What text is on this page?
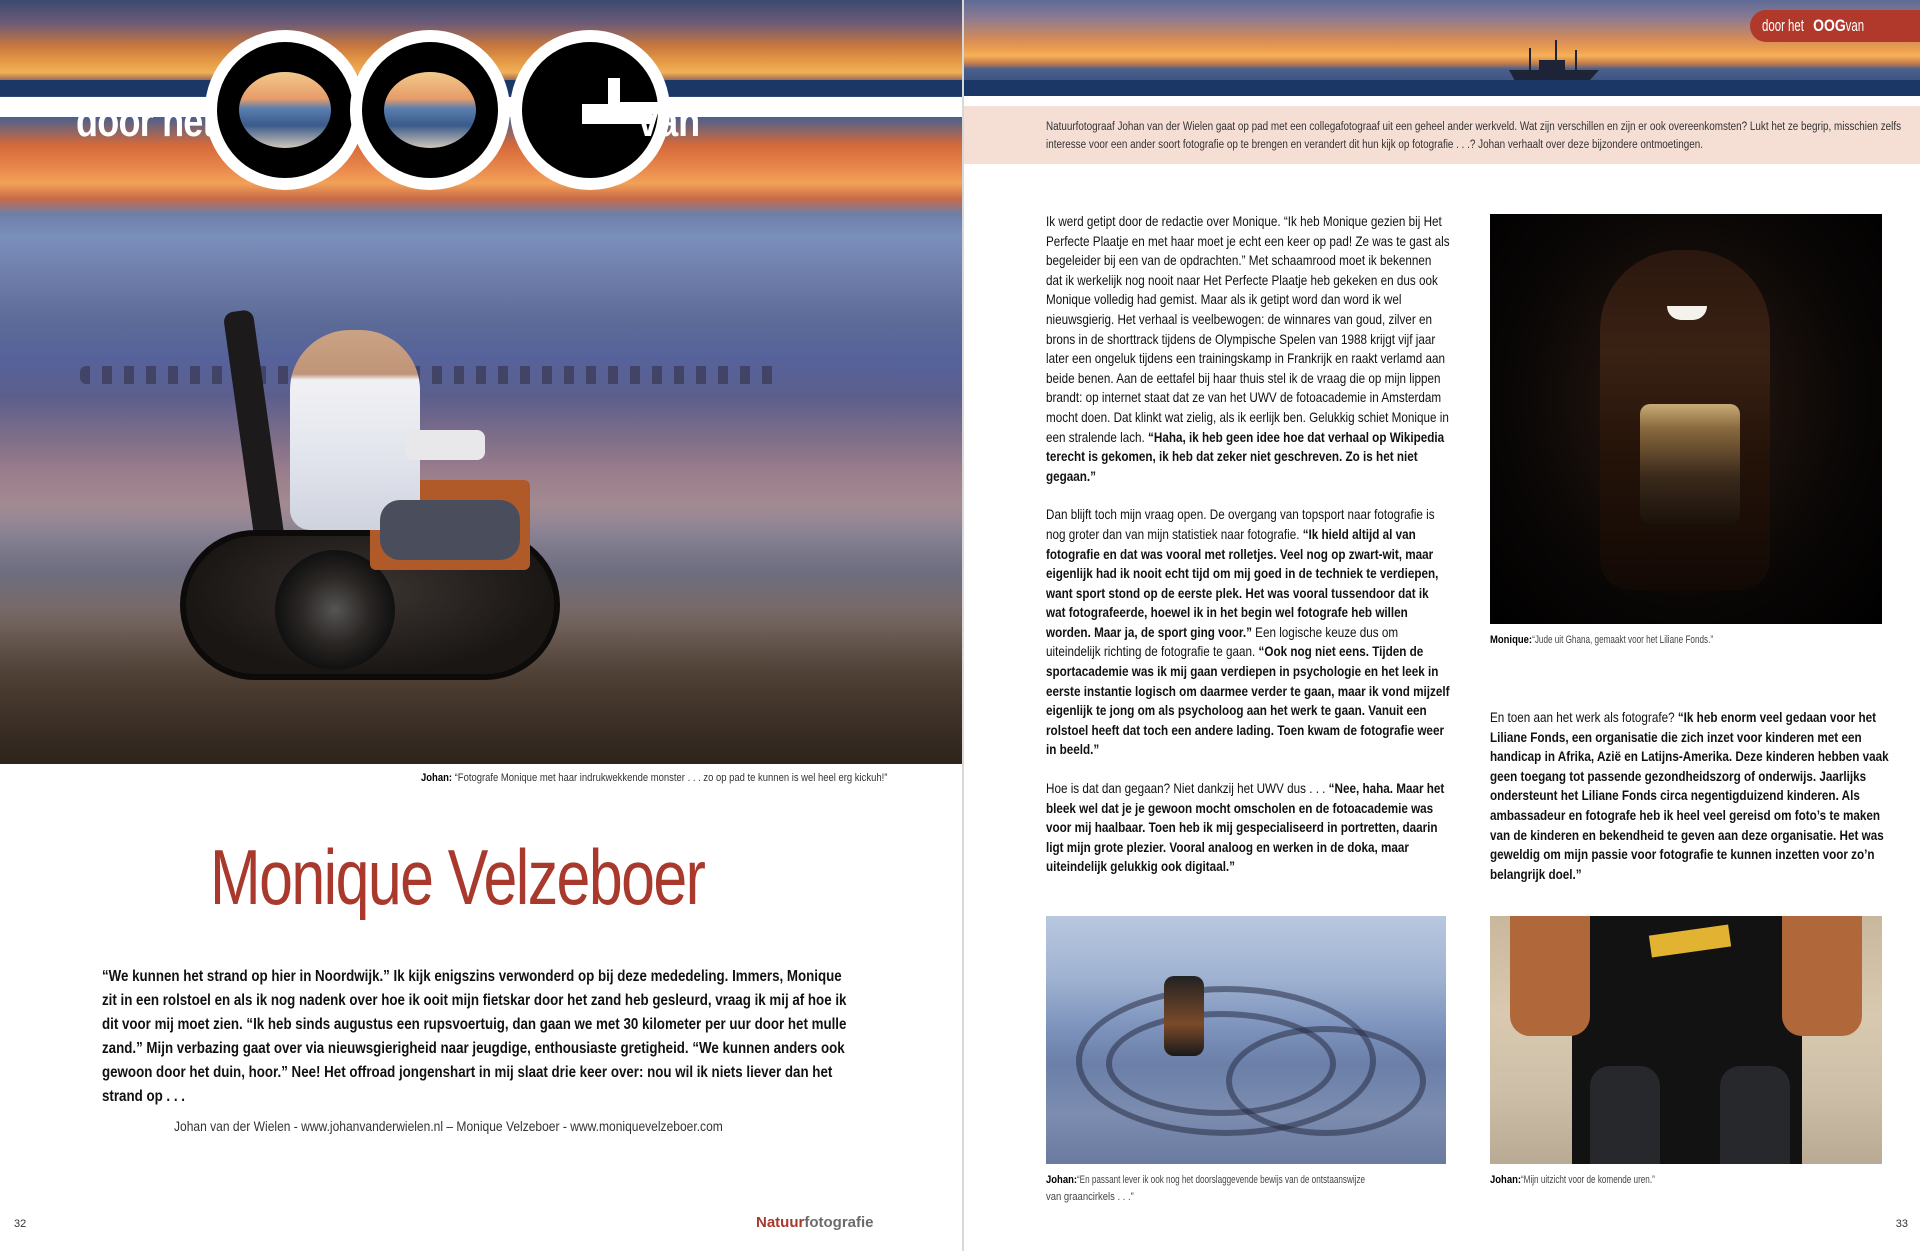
door het	van
Johan: “Fotografe Monique met haar indrukwekkende monster . . . zo op pad te kunnen is wel heel erg kickuh!”
Monique Velzeboer

“We kunnen het strand op hier in Noordwijk.” Ik kijk enigszins verwonderd op bij deze mededeling. Immers, Monique zit in een rolstoel en als ik nog nadenk over hoe ik ooit mijn fietskar door het zand heb gesleurd, vraag ik mij af hoe ik dit voor mij moet zien. “Ik heb sinds augustus een rupsvoertuig, dan gaan we met 30 kilometer per uur door het mulle zand.” Mijn verbazing gaat over via nieuwsgierigheid naar jeugdige, enthousiaste gretigheid. “We kunnen anders ook gewoon door het duin, hoor.” Nee! Het offroad jongenshart in mij slaat drie keer over: nou wil ik niets liever dan het strand op . . .

Johan van der Wielen - www.johanvanderwielen.nl – Monique Velzeboer - www.moniquevelzeboer.com
32	Natuurfotografie
door hetOOGvan

Natuurfotograaf Johan van der Wielen gaat op pad met een collegafotograaf uit een geheel ander werkveld. Wat zijn verschillen en zijn er ook overeenkomsten? Lukt het ze begrip, misschien zelfs interesse voor een ander soort fotografie op te brengen en verandert dit hun kijk op fotografie . . .? Johan verhaalt over deze bijzondere ontmoetingen.

Ik werd getipt door de redactie over Monique. “Ik heb Monique gezien bij Het Perfecte Plaatje en met haar moet je echt een keer op pad! Ze was te gast als begeleider bij een van de opdrachten.” Met schaamrood moet ik bekennen dat ik werkelijk nog nooit naar Het Perfecte Plaatje heb gekeken en dus ook Monique volledig had gemist. Maar als ik getipt word dan word ik wel nieuwsgierig. Het verhaal is veelbewogen: de winnares van goud, zilver en brons in de shorttrack tijdens de Olympische Spelen van 1988 krijgt vijf jaar later een ongeluk tijdens een trainingskamp in Frankrijk en raakt verlamd aan beide benen. Aan de eettafel bij haar thuis stel ik de vraag die op mijn lippen brandt: op internet staat dat ze van het UWV de fotoacademie in Amsterdam mocht doen. Dat klinkt wat zielig, als ik eerlijk ben. Gelukkig schiet Monique in een stralende lach. “Haha, ik heb geen idee hoe dat verhaal op Wikipedia terecht is gekomen, ik heb dat zeker niet geschreven. Zo is het niet gegaan.”

Dan blijft toch mijn vraag open. De overgang van topsport naar fotografie is nog groter dan van mijn statistiek naar fotografie. “Ik hield altijd al van fotografie en dat was vooral met rolletjes. Veel nog op zwart-wit, maar eigenlijk had ik nooit echt tijd om mij goed in de techniek te verdiepen, want sport stond op de eerste plek. Het was vooral tussendoor dat ik wat fotografeerde, hoewel ik in het begin wel fotografe heb willen worden. Maar ja, de sport ging voor.” Een logische keuze dus om uiteindelijk richting de fotografie te gaan. “Ook nog niet eens. Tijden de sportacademie was ik mij gaan verdiepen in psychologie en het leek in eerste instantie logisch om daarmee verder te gaan, maar ik vond mijzelf eigenlijk te jong om als psycholoog aan het werk te gaan. Vanuit een rolstoel heeft dat toch een andere lading. Toen kwam de fotografie weer in beeld.”

Hoe is dat dan gegaan? Niet dankzij het UWV dus . . . “Nee, haha. Maar het bleek wel dat je je gewoon mocht omscholen en de fotoacademie was voor mij haalbaar. Toen heb ik mij gespecialiseerd in portretten, daarin ligt mijn grote plezier. Vooral analoog en werken in de doka, maar uiteindelijk gelukkig ook digitaal.”

Monique:“Jude uit Ghana, gemaakt voor het Liliane Fonds.”

En toen aan het werk als fotografe? “Ik heb enorm veel gedaan voor het Liliane Fonds, een organisatie die zich inzet voor kinderen met een handicap in Afrika, Azië en Latijns-Amerika. Deze kinderen hebben vaak geen toegang tot passende gezondheidszorg of onderwijs. Jaarlijks ondersteunt het Liliane Fonds circa negentigduizend kinderen. Als ambassadeur en fotografe heb ik heel veel gereisd om foto’s te maken van de kinderen en bekendheid te geven aan deze organisatie. Het was geweldig om mijn passie voor fotografie te kunnen inzetten voor zo’n belangrijk doel.”

Johan:“En passant lever ik ook nog het doorslaggevende bewijs van de ontstaanswijze
van graancirkels . . .”
Johan:“Mijn uitzicht voor de komende uren.”
33
